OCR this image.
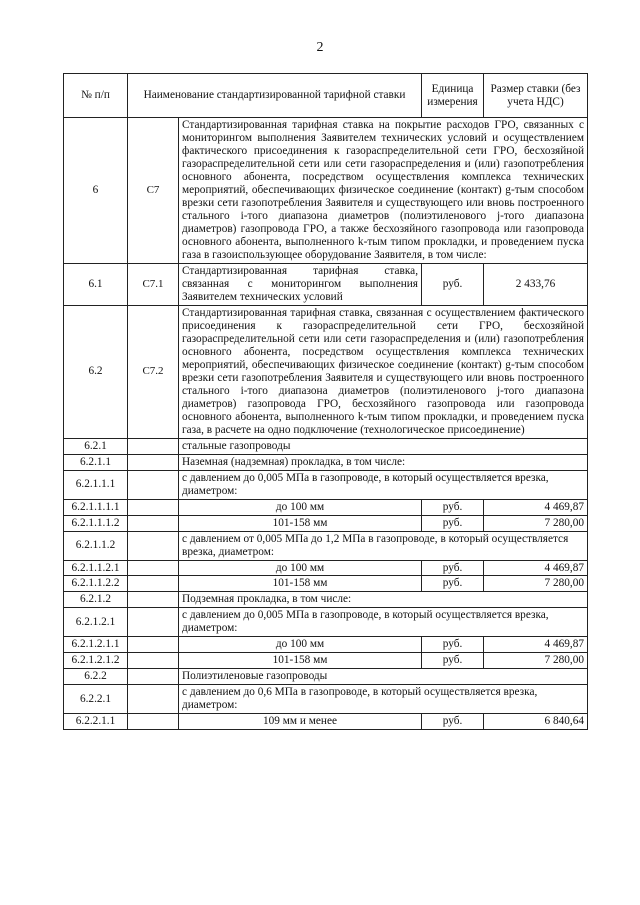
2
№ п/п	Наименование стандартизированной тарифной ставки		Единица измерения	Размер ставки (без учета НДС)
6	С7	Стандартизированная тарифная ставка на покрытие расходов ГРО, связанных с мониторингом выполнения Заявителем технических условий и осуществлением фактического присоединения к газораспределительной сети ГРО, бесхозяйной газораспределительной сети или сети газораспределения и (или) газопотребления основного абонента, посредством осуществления комплекса технических мероприятий, обеспечивающих физическое соединение (контакт) g-тым способом врезки сети газопотребления Заявителя и существующего или вновь построенного стального i-того диапазона диаметров (полиэтиленового j-того диапазона диаметров) газопровода ГРО, а также бесхозяйного газопровода или газопровода основного абонента, выполненного k-тым типом прокладки, и проведением пуска газа в газоиспользующее оборудование Заявителя, в том числе:		
6.1	С7.1	Стандартизированная тарифная ставка, связанная с мониторингом выполнения Заявителем технических условий	руб.	2 433,76
6.2	С7.2	Стандартизированная тарифная ставка, связанная с осуществлением фактического присоединения к газораспределительной сети ГРО, бесхозяйной газораспределительной сети или сети газораспределения и (или) газопотребления основного абонента, посредством осуществления комплекса технических мероприятий, обеспечивающих физическое соединение (контакт) g-тым способом врезки сети газопотребления Заявителя и существующего или вновь построенного стального i-того диапазона диаметров (полиэтиленового j-того диапазона диаметров) газопровода ГРО, бесхозяйного газопровода или газопровода основного абонента, выполненного k-тым типом прокладки, и проведением пуска газа, в расчете на одно подключение (технологическое присоединение)		
6.2.1		стальные газопроводы		
6.2.1.1		Наземная (надземная) прокладка, в том числе:		
6.2.1.1.1		с давлением до 0,005 МПа в газопроводе, в который осуществляется врезка, диаметром:		
6.2.1.1.1.1		до 100 мм	руб.	4 469,87
6.2.1.1.1.2		101-158 мм	руб.	7 280,00
6.2.1.1.2		с давлением от 0,005 МПа до 1,2 МПа в газопроводе, в который осуществляется врезка, диаметром:		
6.2.1.1.2.1		до 100 мм	руб.	4 469,87
6.2.1.1.2.2		101-158 мм	руб.	7 280,00
6.2.1.2		Подземная прокладка, в том числе:		
6.2.1.2.1		с давлением до 0,005 МПа в газопроводе, в который осуществляется врезка, диаметром:		
6.2.1.2.1.1		до 100 мм	руб.	4 469,87
6.2.1.2.1.2		101-158 мм	руб.	7 280,00
6.2.2		Полиэтиленовые газопроводы		
6.2.2.1		с давлением до 0,6 МПа в газопроводе, в который осуществляется врезка, диаметром:		
6.2.2.1.1		109 мм и менее	руб.	6 840,64
